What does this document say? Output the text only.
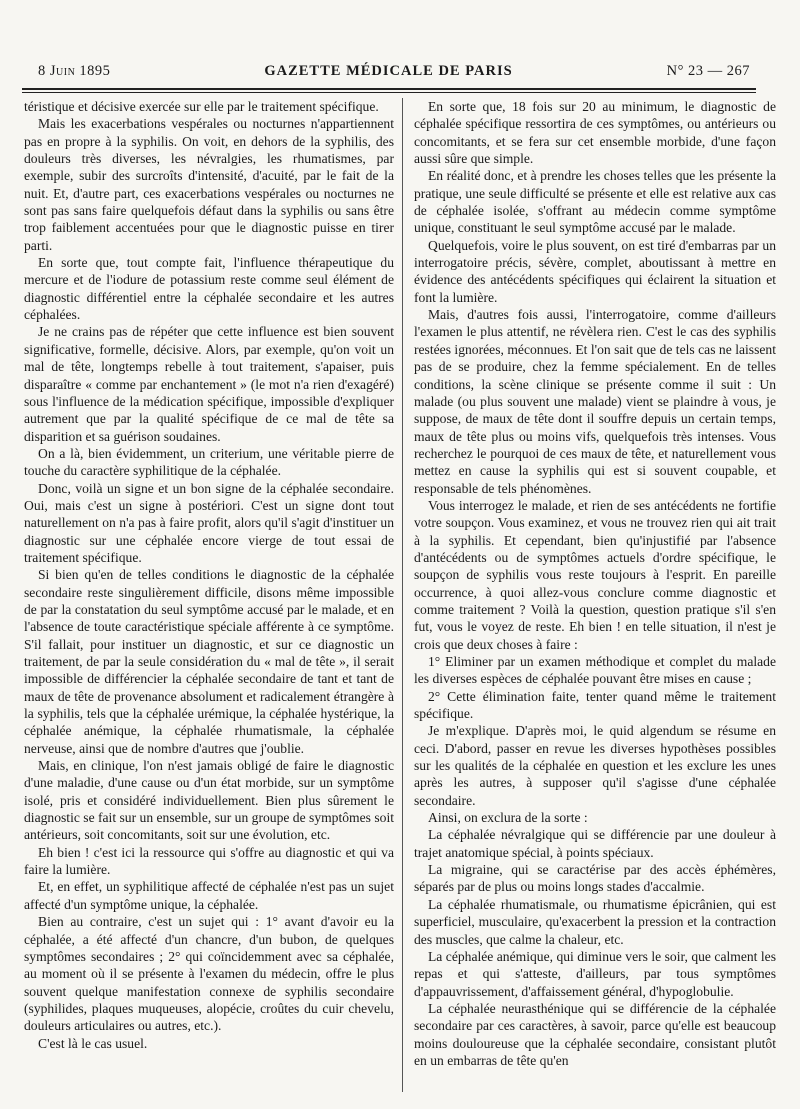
8 Juin 1895	GAZETTE MÉDICALE DE PARIS	N° 23 — 267

téristique et décisive exercée sur elle par le traitement spécifique.

Mais les exacerbations vespérales ou nocturnes n'appartiennent pas en propre à la syphilis. On voit, en dehors de la syphilis, des douleurs très diverses, les névralgies, les rhumatismes, par exemple, subir des surcroîts d'intensité, d'acuité, par le fait de la nuit. Et, d'autre part, ces exacerbations vespérales ou nocturnes ne sont pas sans faire quelquefois défaut dans la syphilis ou sans être trop faiblement accentuées pour que le diagnostic puisse en tirer parti.

En sorte que, tout compte fait, l'influence thérapeutique du mercure et de l'iodure de potassium reste comme seul élément de diagnostic différentiel entre la céphalée secondaire et les autres céphalées.

Je ne crains pas de répéter que cette influence est bien souvent significative, formelle, décisive. Alors, par exemple, qu'on voit un mal de tête, longtemps rebelle à tout traitement, s'apaiser, puis disparaître « comme par enchantement » (le mot n'a rien d'exagéré) sous l'influence de la médication spécifique, impossible d'expliquer autrement que par la qualité spécifique de ce mal de tête sa disparition et sa guérison soudaines.

On a là, bien évidemment, un criterium, une véritable pierre de touche du caractère syphilitique de la céphalée.

Donc, voilà un signe et un bon signe de la céphalée secondaire. Oui, mais c'est un signe à postériori. C'est un signe dont tout naturellement on n'a pas à faire profit, alors qu'il s'agit d'instituer un diagnostic sur une céphalée encore vierge de tout essai de traitement spécifique.

Si bien qu'en de telles conditions le diagnostic de la céphalée secondaire reste singulièrement difficile, disons même impossible de par la constatation du seul symptôme accusé par le malade, et en l'absence de toute caractéristique spéciale afférente à ce symptôme. S'il fallait, pour instituer un diagnostic, et sur ce diagnostic un traitement, de par la seule considération du « mal de tête », il serait impossible de différencier la céphalée secondaire de tant et tant de maux de tête de provenance absolument et radicalement étrangère à la syphilis, tels que la céphalée urémique, la céphalée hystérique, la céphalée anémique, la céphalée rhumatismale, la céphalée nerveuse, ainsi que de nombre d'autres que j'oublie.

Mais, en clinique, l'on n'est jamais obligé de faire le diagnostic d'une maladie, d'une cause ou d'un état morbide, sur un symptôme isolé, pris et considéré individuellement. Bien plus sûrement le diagnostic se fait sur un ensemble, sur un groupe de symptômes soit antérieurs, soit concomitants, soit sur une évolution, etc.

Eh bien ! c'est ici la ressource qui s'offre au diagnostic et qui va faire la lumière.

Et, en effet, un syphilitique affecté de céphalée n'est pas un sujet affecté d'un symptôme unique, la céphalée.

Bien au contraire, c'est un sujet qui : 1° avant d'avoir eu la céphalée, a été affecté d'un chancre, d'un bubon, de quelques symptômes secondaires ; 2° qui coïncidemment avec sa céphalée, au moment où il se présente à l'examen du médecin, offre le plus souvent quelque manifestation connexe de syphilis secondaire (syphilides, plaques muqueuses, alopécie, croûtes du cuir chevelu, douleurs articulaires ou autres, etc.).

C'est là le cas usuel.

En sorte que, 18 fois sur 20 au minimum, le diagnostic de céphalée spécifique ressortira de ces symptômes, ou antérieurs ou concomitants, et se fera sur cet ensemble morbide, d'une façon aussi sûre que simple.

En réalité donc, et à prendre les choses telles que les présente la pratique, une seule difficulté se présente et elle est relative aux cas de céphalée isolée, s'offrant au médecin comme symptôme unique, constituant le seul symptôme accusé par le malade.

Quelquefois, voire le plus souvent, on est tiré d'embarras par un interrogatoire précis, sévère, complet, aboutissant à mettre en évidence des antécédents spécifiques qui éclairent la situation et font la lumière.

Mais, d'autres fois aussi, l'interrogatoire, comme d'ailleurs l'examen le plus attentif, ne révèlera rien. C'est le cas des syphilis restées ignorées, méconnues. Et l'on sait que de tels cas ne laissent pas de se produire, chez la femme spécialement. En de telles conditions, la scène clinique se présente comme il suit : Un malade (ou plus souvent une malade) vient se plaindre à vous, je suppose, de maux de tête dont il souffre depuis un certain temps, maux de tête plus ou moins vifs, quelquefois très intenses. Vous recherchez le pourquoi de ces maux de tête, et naturellement vous mettez en cause la syphilis qui est si souvent coupable, et responsable de tels phénomènes.

Vous interrogez le malade, et rien de ses antécédents ne fortifie votre soupçon. Vous examinez, et vous ne trouvez rien qui ait trait à la syphilis. Et cependant, bien qu'injustifié par l'absence d'antécédents ou de symptômes actuels d'ordre spécifique, le soupçon de syphilis vous reste toujours à l'esprit. En pareille occurrence, à quoi allez-vous conclure comme diagnostic et comme traitement ? Voilà la question, question pratique s'il s'en fut, vous le voyez de reste. Eh bien ! en telle situation, il n'est je crois que deux choses à faire :

1° Eliminer par un examen méthodique et complet du malade les diverses espèces de céphalée pouvant être mises en cause ;

2° Cette élimination faite, tenter quand même le traitement spécifique.

Je m'explique. D'après moi, le quid algendum se résume en ceci. D'abord, passer en revue les diverses hypothèses possibles sur les qualités de la céphalée en question et les exclure les unes après les autres, à supposer qu'il s'agisse d'une céphalée secondaire.

Ainsi, on exclura de la sorte :

La céphalée névralgique qui se différencie par une douleur à trajet anatomique spécial, à points spéciaux.

La migraine, qui se caractérise par des accès éphémères, séparés par de plus ou moins longs stades d'accalmie.

La céphalée rhumatismale, ou rhumatisme épicrânien, qui est superficiel, musculaire, qu'exacerbent la pression et la contraction des muscles, que calme la chaleur, etc.

La céphalée anémique, qui diminue vers le soir, que calment les repas et qui s'atteste, d'ailleurs, par tous symptômes d'appauvrissement, d'affaissement général, d'hypoglobulie.

La céphalée neurasthénique qui se différencie de la céphalée secondaire par ces caractères, à savoir, parce qu'elle est beaucoup moins douloureuse que la céphalée secondaire, consistant plutôt en un embarras de tête qu'en
